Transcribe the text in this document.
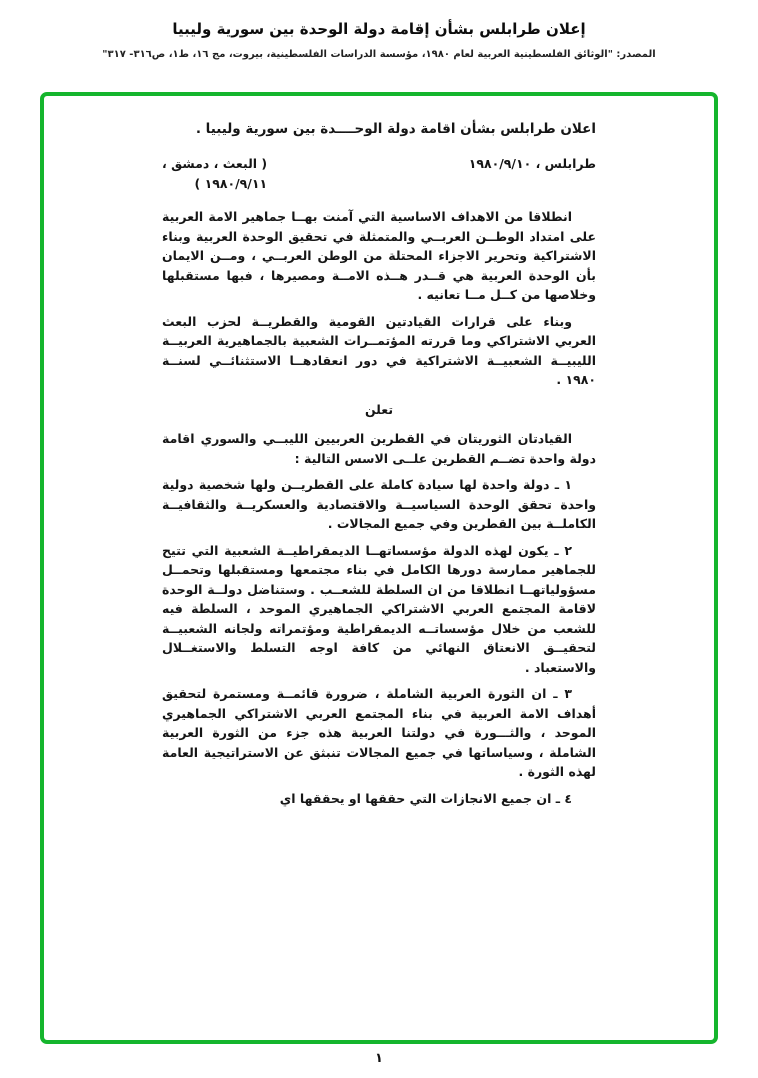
إعلان طرابلس بشأن إقامة دولة الوحدة بين سورية وليبيا
المصدر: "الوثائق الفلسطينية العربية لعام ١٩٨٠، مؤسسة الدراسات الفلسطينية، بيروت، مج ١٦، ط١، ص٣١٦- ٣١٧"
اعلان طرابلس بشأن اقامة دولة الوحــــدة بين سورية وليبيا .
طرابلس ، ١٩٨٠/٩/١٠
( البعث ، دمشق ،
١٩٨٠/٩/١١ )

انطلاقا من الاهداف الاساسية التي آمنت بهــا جماهير الامة العربية على امتداد الوطــن العربــي والمتمثلة في تحقيق الوحدة العربية وبناء الاشتراكية وتحرير الاجزاء المحتلة من الوطن العربــي ، ومــن الايمان بأن الوحدة العربية هي قــدر هــذه الامــة ومصيرها ، فبها مستقبلها وخلاصها من كــل مــا تعانيه .

وبناء على قرارات القيادتين القومية والقطريــة لحزب البعث العربي الاشتراكي وما قررته المؤتمــرات الشعبية بالجماهيرية العربيــة الليبيــة الشعبيــة الاشتراكية في دور انعقادهــا الاستثنائــي لسنــة ١٩٨٠ .

تعلن

القيادتان الثوريتان في القطرين العربيين الليبــي والسوري اقامة دولة واحدة تضــم القطرين علــى الاسس التالية :

١ ـ دولة واحدة لها سيادة كاملة على القطريــن ولها شخصية دولية واحدة تحقق الوحدة السياسيــة والاقتصادية والعسكريــة والثقافيــة الكاملــة بين القطرين وفي جميع المجالات .

٢ ـ يكون لهذه الدولة مؤسساتهــا الديمقراطيــة الشعبية التي تتيح للجماهير ممارسة دورها الكامل في بناء مجتمعها ومستقبلها وتحمــل مسؤولياتهــا انطلاقا من ان السلطة للشعــب . وستناضل دولــة الوحدة لاقامة المجتمع العربي الاشتراكي الجماهيري الموحد ، السلطة فيه للشعب من خلال مؤسساتــه الديمقراطية ومؤتمراته ولجانه الشعبيــة لتحقيــق الانعتاق النهائي من كافة اوجه التسلط والاستغــلال والاستعباد .

٣ ـ ان الثورة العربية الشاملة ، ضرورة قائمــة ومستمرة لتحقيق أهداف الامة العربية في بناء المجتمع العربي الاشتراكي الجماهيري الموحد ، والثـــورة في دولتنا العربية هذه جزء من الثورة العربية الشاملة ، وسياساتها في جميع المجالات تنبثق عن الاستراتيجية العامة لهذه الثورة .

٤ ـ ان جميع الانجازات التي حققها او يحققها اي

١
